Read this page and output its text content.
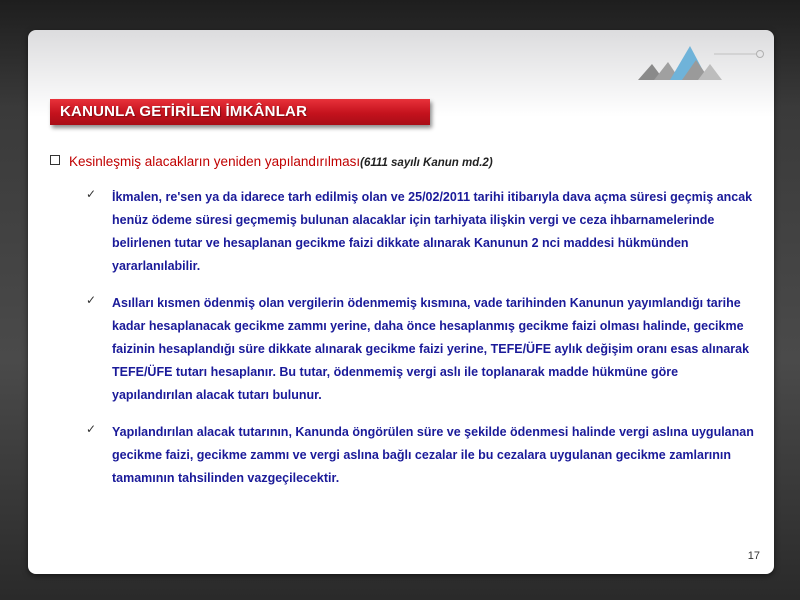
KANUNLA GETİRİLEN İMKÂNLAR
Kesinleşmiş alacakların yeniden yapılandırılması(6111 sayılı Kanun md.2)
✓ İkmalen, re'sen ya da idarece tarh edilmiş olan ve 25/02/2011 tarihi itibarıyla dava açma süresi geçmiş ancak henüz ödeme süresi geçmemiş bulunan alacaklar için tarhiyata ilişkin vergi ve ceza ihbarnamelerinde belirlenen tutar ve hesaplanan gecikme faizi dikkate alınarak Kanunun 2 nci maddesi hükmünden yararlanılabilir.

✓ Asılları kısmen ödenmiş olan vergilerin ödenmemiş kısmına, vade tarihinden Kanunun yayımlandığı tarihe kadar hesaplanacak gecikme zammı yerine, daha önce hesaplanmış gecikme faizi olması halinde, gecikme faizinin hesaplandığı süre dikkate alınarak gecikme faizi yerine, TEFE/ÜFE aylık değişim oranı esas alınarak TEFE/ÜFE tutarı hesaplanır. Bu tutar, ödenmemiş vergi aslı ile toplanarak madde hükmüne göre yapılandırılan alacak tutarı bulunur.

✓ Yapılandırılan alacak tutarının, Kanunda öngörülen süre ve şekilde ödenmesi halinde vergi aslına uygulanan gecikme faizi, gecikme zammı ve vergi aslına bağlı cezalar ile bu cezalara uygulanan gecikme zamlarının tamamının tahsilinden vazgeçilecektir.

17
